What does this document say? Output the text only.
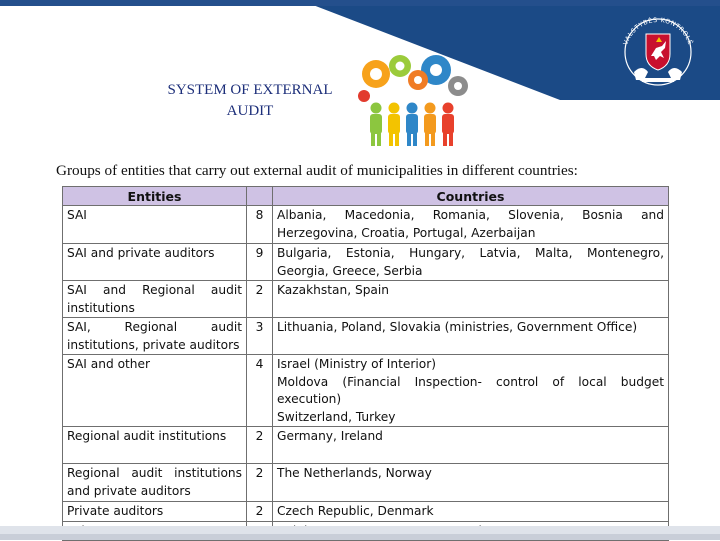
VALSTYBĖS KONTROLĖ
SYSTEM OF EXTERNAL
AUDIT
Groups of entities that carry out external audit of municipalities in different countries:
Entities		Countries
SAI	8	Albania, Macedonia, Romania, Slovenia, Bosnia and Herzegovina, Croatia, Portugal, Azerbaijan
SAI and private auditors	9	Bulgaria, Estonia, Hungary, Latvia, Malta, Montenegro, Georgia, Greece, Serbia
SAI and Regional audit institutions	2	Kazakhstan, Spain
SAI, Regional audit institutions, private auditors	3	Lithuania, Poland, Slovakia (ministries, Government Office)
SAI and other	4	Israel (Ministry of Interior)
Moldova (Financial Inspection- control of local budget execution)
Switzerland, Turkey

Regional audit institutions	2	Germany, Ireland
Regional audit institutions and private auditors	2	The Netherlands, Norway
Private auditors	2	Czech Republic, Denmark
